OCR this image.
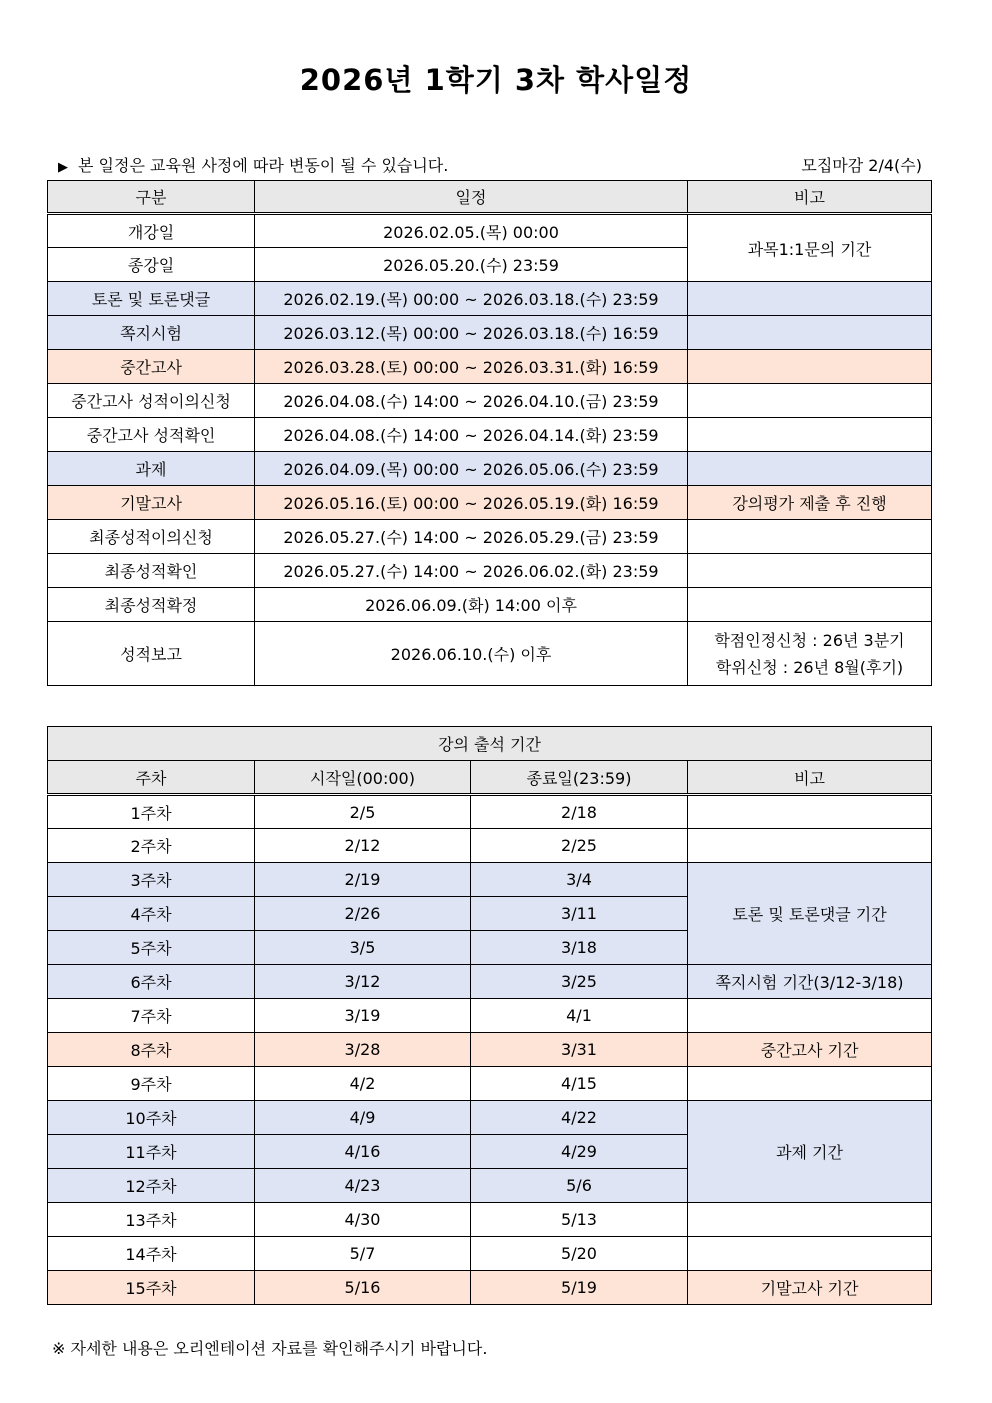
2026년 1학기 3차 학사일정
▶ 본 일정은 교육원 사정에 따라 변동이 될 수 있습니다.	모집마감 2/4(수)
구분	일정	비고
개강일	2026.02.05.(목) 00:00	과목1:1문의 기간
종강일	2026.05.20.(수) 23:59	
토론 및 토론댓글	2026.02.19.(목) 00:00 ~ 2026.03.18.(수) 23:59	
쪽지시험	2026.03.12.(목) 00:00 ~ 2026.03.18.(수) 16:59	
중간고사	2026.03.28.(토) 00:00 ~ 2026.03.31.(화) 16:59	
중간고사 성적이의신청	2026.04.08.(수) 14:00 ~ 2026.04.10.(금) 23:59	
중간고사 성적확인	2026.04.08.(수) 14:00 ~ 2026.04.14.(화) 23:59	
과제	2026.04.09.(목) 00:00 ~ 2026.05.06.(수) 23:59	
기말고사	2026.05.16.(토) 00:00 ~ 2026.05.19.(화) 16:59	강의평가 제출 후 진행
최종성적이의신청	2026.05.27.(수) 14:00 ~ 2026.05.29.(금) 23:59	
최종성적확인	2026.05.27.(수) 14:00 ~ 2026.06.02.(화) 23:59	
최종성적확정	2026.06.09.(화) 14:00 이후	
성적보고	2026.06.10.(수) 이후	학점인정신청 : 26년 3분기
학위신청 : 26년 8월(후기)
강의 출석 기간			
주차	시작일(00:00)	종료일(23:59)	비고
1주차	2/5	2/18	
2주차	2/12	2/25	
3주차	2/19	3/4	토론 및 토론댓글 기간
4주차	2/26	3/11	
5주차	3/5	3/18	
6주차	3/12	3/25	쪽지시험 기간(3/12-3/18)
7주차	3/19	4/1	
8주차	3/28	3/31	중간고사 기간
9주차	4/2	4/15	
10주차	4/9	4/22	과제 기간
11주차	4/16	4/29	
12주차	4/23	5/6	
13주차	4/30	5/13	
14주차	5/7	5/20	
15주차	5/16	5/19	기말고사 기간
※ 자세한 내용은 오리엔테이션 자료를 확인해주시기 바랍니다.
